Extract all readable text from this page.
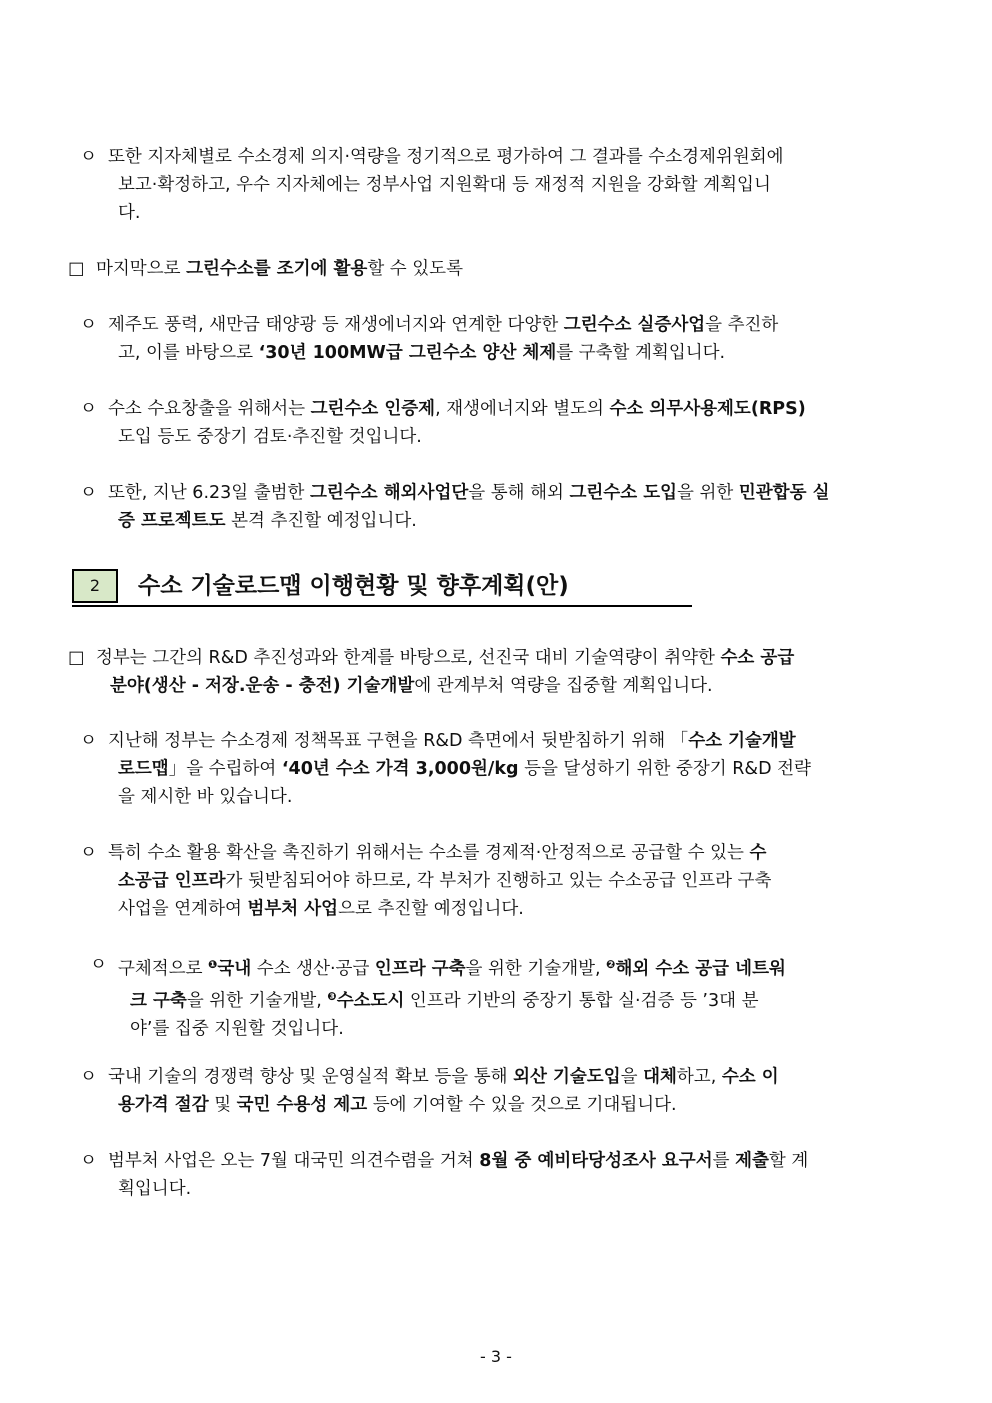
ㅇ 또한 지자체별로 수소경제 의지·역량을 정기적으로 평가하여 그 결과를 수소경제위원회에
보고·확정하고, 우수 지자체에는 정부사업 지원확대 등 재정적 지원을 강화할 계획입니
다.
□ 마지막으로 그린수소를 조기에 활용할 수 있도록
ㅇ 제주도 풍력, 새만금 태양광 등 재생에너지와 연계한 다양한 그린수소 실증사업을 추진하
고, 이를 바탕으로 ‘30년 100MW급 그린수소 양산 체제를 구축할 계획입니다.
ㅇ 수소 수요창출을 위해서는 그린수소 인증제, 재생에너지와 별도의 수소 의무사용제도(RPS)
도입 등도 중장기 검토·추진할 것입니다.
ㅇ 또한, 지난 6.23일 출범한 그린수소 해외사업단을 통해 해외 그린수소 도입을 위한 민관합동 실
증 프로젝트도 본격 추진할 예정입니다.
2	수소 기술로드맵 이행현황 및 향후계획(안)
□ 정부는 그간의 R&D 추진성과와 한계를 바탕으로, 선진국 대비 기술역량이 취약한 수소 공급
분야(생산 - 저장.운송 - 충전) 기술개발에 관계부처 역량을 집중할 계획입니다.
ㅇ 지난해 정부는 수소경제 정책목표 구현을 R&D 측면에서 뒷받침하기 위해 「수소 기술개발
로드맵」을 수립하여 ‘40년 수소 가격 3,000원/kg 등을 달성하기 위한 중장기 R&D 전략
을 제시한 바 있습니다.
ㅇ 특히 수소 활용 확산을 촉진하기 위해서는 수소를 경제적·안정적으로 공급할 수 있는 수
소공급 인프라가 뒷받침되어야 하므로, 각 부처가 진행하고 있는 수소공급 인프라 구축
사업을 연계하여 범부처 사업으로 추진할 예정입니다.
ㅇ 구체적으로 ❶국내 수소 생산·공급 인프라 구축을 위한 기술개발, ❷해외 수소 공급 네트워
크 구축을 위한 기술개발, ❸수소도시 인프라 기반의 중장기 통합 실·검증 등 ’3대 분
야’를 집중 지원할 것입니다.
ㅇ 국내 기술의 경쟁력 향상 및 운영실적 확보 등을 통해 외산 기술도입을 대체하고, 수소 이
용가격 절감 및 국민 수용성 제고 등에 기여할 수 있을 것으로 기대됩니다.
ㅇ 범부처 사업은 오는 7월 대국민 의견수렴을 거쳐 8월 중 예비타당성조사 요구서를 제출할 계
획입니다.
- 3 -
